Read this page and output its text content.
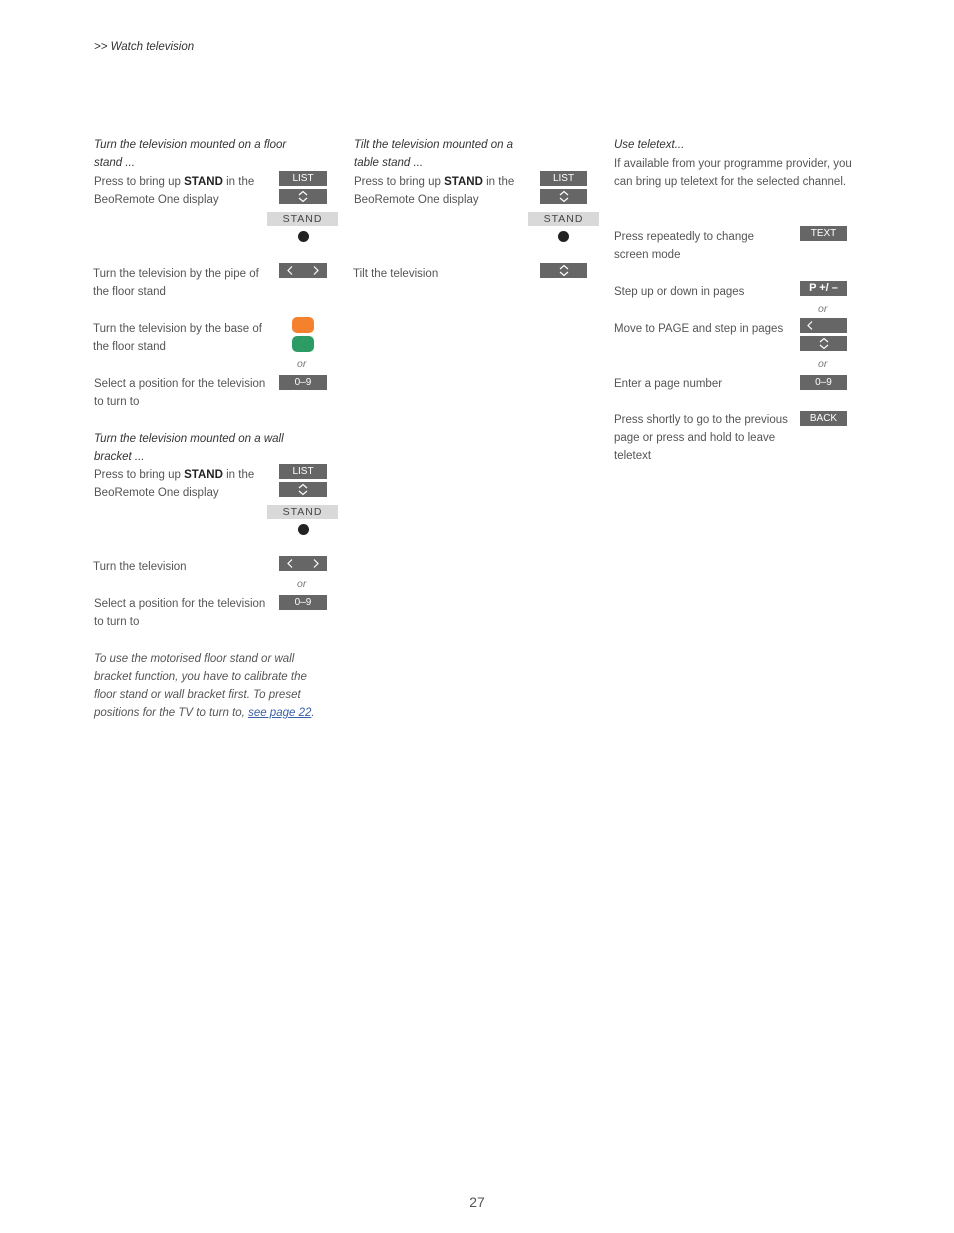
>> Watch television
Turn the television mounted on a floor stand ...
Press to bring up STAND in the BeoRemote One display
LIST
STAND
Turn the television by the pipe of the floor stand
Turn the television by the base of the floor stand
or
Select a position for the television to turn to
0–9
Turn the television mounted on a wall bracket ...
Press to bring up STAND in the BeoRemote One display
LIST
STAND
Turn the television
or
Select a position for the television to turn to
0–9
To use the motorised floor stand or wall bracket function, you have to calibrate the floor stand or wall bracket first. To preset positions for the TV to turn to, see page 22.
Tilt the television mounted on a table stand ...
Press to bring up STAND in the BeoRemote One display
LIST
STAND
Tilt the television
Use teletext...
If available from your programme provider, you can bring up teletext for the selected channel.
Press repeatedly to change screen mode
TEXT
Step up or down in pages	P +/ –
or
Move to PAGE and step in pages
or
Enter a page number	0–9
Press shortly to go to the previous page or press and hold to leave teletext
BACK
27
